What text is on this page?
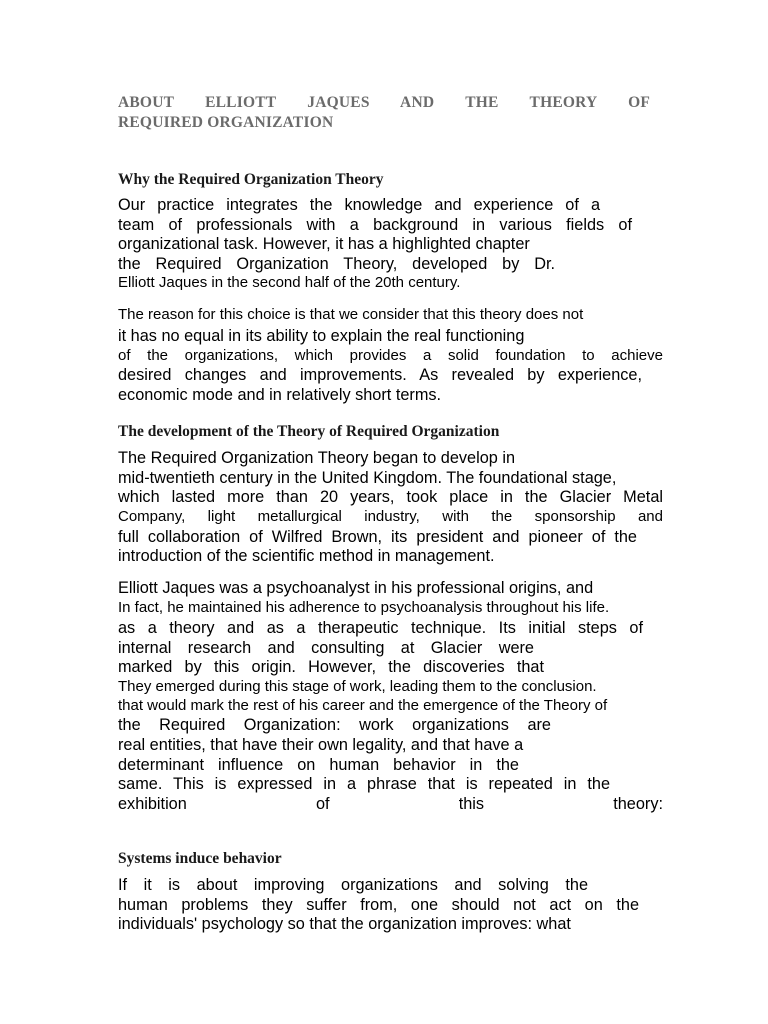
ABOUT ELLIOTT JAQUES AND THE THEORY OF
REQUIRED ORGANIZATION
Why the Required Organization Theory
Our practice integrates the knowledge and experience of a
team of professionals with a background in various fields of
organizational task. However, it has a highlighted chapter
the Required Organization Theory, developed by Dr.
Elliott Jaques in the second half of the 20th century.
The reason for this choice is that we consider that this theory does not
it has no equal in its ability to explain the real functioning
of the organizations, which provides a solid foundation to achieve
desired changes and improvements. As revealed by experience,
economic mode and in relatively short terms.
The development of the Theory of Required Organization
The Required Organization Theory began to develop in
mid-twentieth century in the United Kingdom. The foundational stage,
which lasted more than 20 years, took place in the Glacier Metal
Company, light metallurgical industry, with the sponsorship and
full collaboration of Wilfred Brown, its president and pioneer of the
introduction of the scientific method in management.
Elliott Jaques was a psychoanalyst in his professional origins, and
In fact, he maintained his adherence to psychoanalysis throughout his life.
as a theory and as a therapeutic technique. Its initial steps of
internal research and consulting at Glacier were
marked by this origin. However, the discoveries that
They emerged during this stage of work, leading them to the conclusion.
that would mark the rest of his career and the emergence of the Theory of
the Required Organization: work organizations are
real entities, that have their own legality, and that have a
determinant influence on human behavior in the
same. This is expressed in a phrase that is repeated in the
exhibition of this theory:
Systems induce behavior
If it is about improving organizations and solving the
human problems they suffer from, one should not act on the
individuals' psychology so that the organization improves: what
